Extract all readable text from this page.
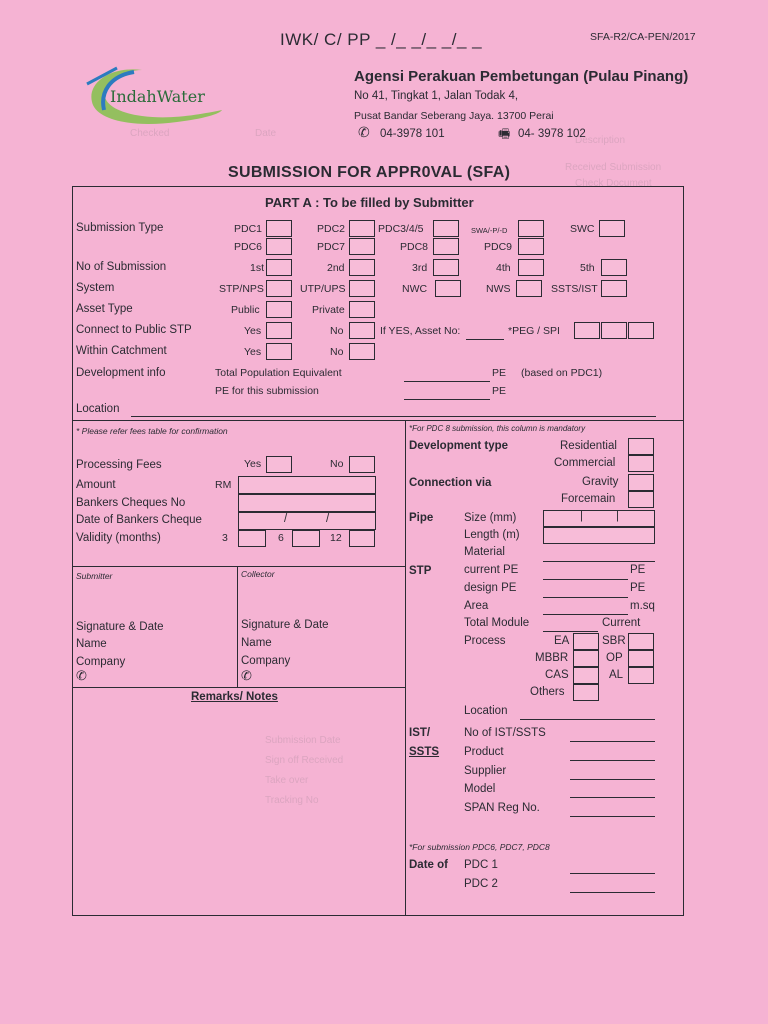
Description
Date
Checked
Received Submission
Check Document
Submission Date
Sign off Received
Take over
Tracking No
IWK/ C/ PP _ /_ _/_ _/_ _	SFA-R2/CA-PEN/2017
IndahWater
Agensi Perakuan Pembetungan (Pulau Pinang)
No 41, Tingkat 1, Jalan Todak 4,
Pusat Bandar Seberang Jaya. 13700 Perai
✆ 04-3978 101	🖷 04- 3978 102
SUBMISSION FOR APPR0VAL (SFA)
PART A : To be filled by Submitter
Submission Type	PDC1	PDC2	PDC3/4/5	SWA/-P/-D	SWC
PDC6	PDC7	PDC8	PDC9
No of Submission	1st	2nd	3rd	4th	5th
System	STP/NPS	UTP/UPS	NWC	NWS	SSTS/IST
Asset Type	Public	Private
Connect to Public STP	Yes	No	If YES, Asset No:	*PEG / SPI
Within Catchment	Yes	No
Development info	Total Population Equivalent	PE (based on PDC1)
PE for this submission	PE
Location
* Please refer fees table for confirmation
Processing Fees	Yes	No
Amount	RM
Bankers Cheques No
Date of Bankers Cheque	/	/
Validity (months)	3	6	12
Submitter
Signature & Date
Name
Company
✆
Collector
Signature & Date
Name
Company
✆
Remarks/ Notes
*For PDC 8 submission, this column is mandatory
Development type	Residential
Commercial
Connection via	Gravity
Forcemain
Pipe	Size (mm)	|	|
Length (m)
Material
STP	current PE	PE
design PE	PE
Area	m.sq
Total Module	Current
Process	EA	SBR
MBBR	OP
CAS	AL
Others
Location
IST/
SSTS
No of IST/SSTS
Product
Supplier
Model
SPAN Reg No.
*For submission PDC6, PDC7, PDC8
Date of PDC 1
PDC 2
